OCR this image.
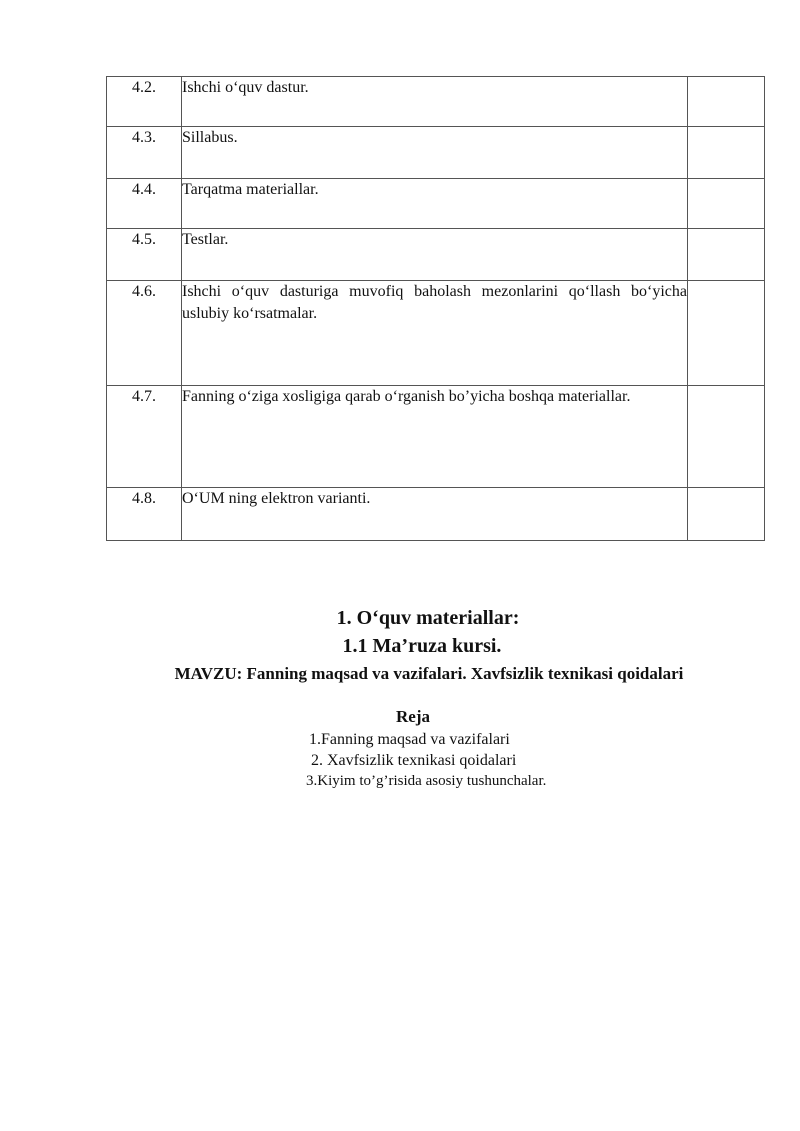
4.2.	Ishchi o‘quv dastur.	
4.3.	Sillabus.	
4.4.	Tarqatma materiallar.	
4.5.	Testlar.	
4.6.	Ishchi o‘quv dasturiga muvofiq baholash mezonlarini qo‘llash bo‘yicha uslubiy ko‘rsatmalar.	
4.7.	Fanning o‘ziga xosligiga qarab o‘rganish bo’yicha boshqa materiallar.	
4.8.	O‘UM ning elektron varianti.	
1. O‘quv materiallar:
1.1 Ma’ruza kursi.
MAVZU: Fanning maqsad va vazifalari. Xavfsizlik texnikasi qoidalari
Reja
1.Fanning maqsad va vazifalari
2. Xavfsizlik texnikasi qoidalari
3.Kiyim to’g’risida asosiy tushunchalar.
